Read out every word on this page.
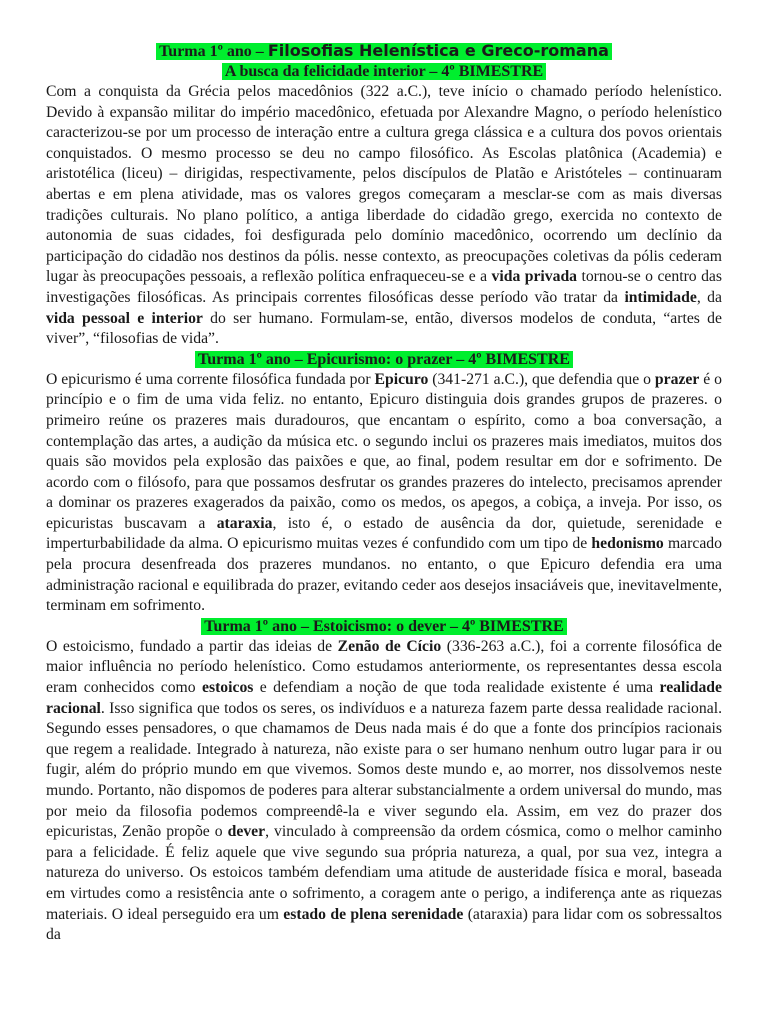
Turma 1º ano – Filosofias Helenística e Greco-romana
A busca da felicidade interior – 4º BIMESTRE

Com a conquista da Grécia pelos macedônios (322 a.C.), teve início o chamado período helenístico. Devido à expansão militar do império macedônico, efetuada por Alexandre Magno, o período helenístico caracterizou-se por um processo de interação entre a cultura grega clássica e a cultura dos povos orientais conquistados. O mesmo processo se deu no campo filosófico. As Escolas platônica (Academia) e aristotélica (liceu) – dirigidas, respectivamente, pelos discípulos de Platão e Aristóteles – continuaram abertas e em plena atividade, mas os valores gregos começaram a mesclar-se com as mais diversas tradições culturais. No plano político, a antiga liberdade do cidadão grego, exercida no contexto de autonomia de suas cidades, foi desfigurada pelo domínio macedônico, ocorrendo um declínio da participação do cidadão nos destinos da pólis. nesse contexto, as preocupações coletivas da pólis cederam lugar às preocupações pessoais, a reflexão política enfraqueceu-se e a vida privada tornou-se o centro das investigações filosóficas. As principais correntes filosóficas desse período vão tratar da intimidade, da vida pessoal e interior do ser humano. Formulam-se, então, diversos modelos de conduta, “artes de viver”, “filosofias de vida”.

Turma 1º ano – Epicurismo: o prazer – 4º BIMESTRE

O epicurismo é uma corrente filosófica fundada por Epicuro (341-271 a.C.), que defendia que o prazer é o princípio e o fim de uma vida feliz. no entanto, Epicuro distinguia dois grandes grupos de prazeres. o primeiro reúne os prazeres mais duradouros, que encantam o espírito, como a boa conversação, a contemplação das artes, a audição da música etc. o segundo inclui os prazeres mais imediatos, muitos dos quais são movidos pela explosão das paixões e que, ao final, podem resultar em dor e sofrimento. De acordo com o filósofo, para que possamos desfrutar os grandes prazeres do intelecto, precisamos aprender a dominar os prazeres exagerados da paixão, como os medos, os apegos, a cobiça, a inveja. Por isso, os epicuristas buscavam a ataraxia, isto é, o estado de ausência da dor, quietude, serenidade e imperturbabilidade da alma. O epicurismo muitas vezes é confundido com um tipo de hedonismo marcado pela procura desenfreada dos prazeres mundanos. no entanto, o que Epicuro defendia era uma administração racional e equilibrada do prazer, evitando ceder aos desejos insaciáveis que, inevitavelmente, terminam em sofrimento.

Turma 1º ano – Estoicismo: o dever – 4º BIMESTRE

O estoicismo, fundado a partir das ideias de Zenão de Cício (336-263 a.C.), foi a corrente filosófica de maior influência no período helenístico. Como estudamos anteriormente, os representantes dessa escola eram conhecidos como estoicos e defendiam a noção de que toda realidade existente é uma realidade racional. Isso significa que todos os seres, os indivíduos e a natureza fazem parte dessa realidade racional. Segundo esses pensadores, o que chamamos de Deus nada mais é do que a fonte dos princípios racionais que regem a realidade. Integrado à natureza, não existe para o ser humano nenhum outro lugar para ir ou fugir, além do próprio mundo em que vivemos. Somos deste mundo e, ao morrer, nos dissolvemos neste mundo. Portanto, não dispomos de poderes para alterar substancialmente a ordem universal do mundo, mas por meio da filosofia podemos compreendê-la e viver segundo ela. Assim, em vez do prazer dos epicuristas, Zenão propõe o dever, vinculado à compreensão da ordem cósmica, como o melhor caminho para a felicidade. É feliz aquele que vive segundo sua própria natureza, a qual, por sua vez, integra a natureza do universo. Os estoicos também defendiam uma atitude de austeridade física e moral, baseada em virtudes como a resistência ante o sofrimento, a coragem ante o perigo, a indiferença ante as riquezas materiais. O ideal perseguido era um estado de plena serenidade (ataraxia) para lidar com os sobressaltos da
